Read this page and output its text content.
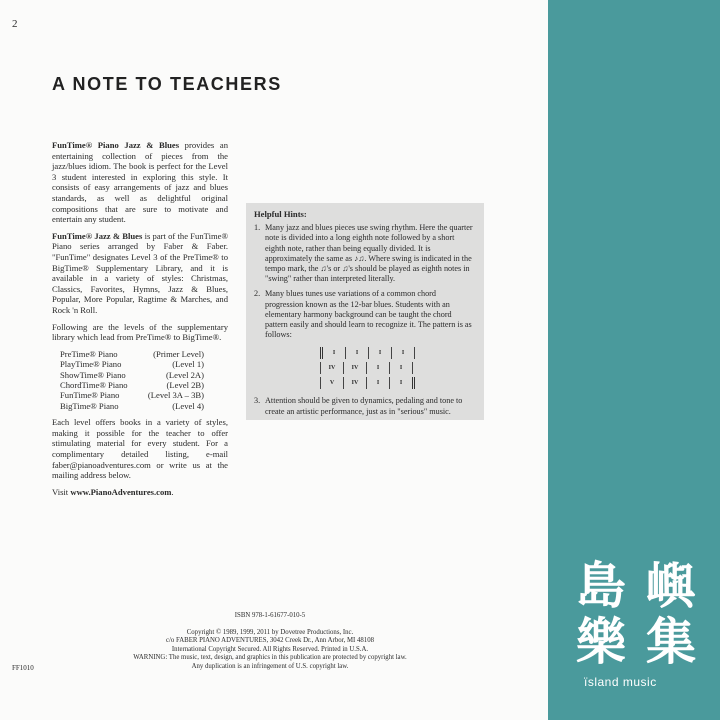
2
A NOTE TO TEACHERS

FunTime® Piano Jazz & Blues provides an entertaining collection of pieces from the jazz/blues idiom. The book is perfect for the Level 3 student interested in exploring this style. It consists of easy arrangements of jazz and blues standards, as well as delightful original compositions that are sure to motivate and entertain any student.

FunTime® Jazz & Blues is part of the FunTime® Piano series arranged by Faber & Faber. "FunTime" designates Level 3 of the PreTime® to BigTime® Supplementary Library, and it is available in a variety of styles: Christmas, Classics, Favorites, Hymns, Jazz & Blues, Popular, More Popular, Ragtime & Marches, and Rock 'n Roll.

Following are the levels of the supplementary library which lead from PreTime® to BigTime®.

PreTime® Piano	(Primer Level)
PlayTime® Piano	(Level 1)
ShowTime® Piano	(Level 2A)
ChordTime® Piano	(Level 2B)
FunTime® Piano	(Level 3A – 3B)
BigTime® Piano	(Level 4)

Each level offers books in a variety of styles, making it possible for the teacher to offer stimulating material for every student. For a complimentary detailed listing, e-mail faber@pianoadventures.com or write us at the mailing address below.

Visit www.PianoAdventures.com.

Helpful Hints:
1. Many jazz and blues pieces use swing rhythm. Here the quarter note is divided into a long eighth note followed by a short eighth note, rather than being equally divided. It is approximately the same as ♪♫. Where swing is indicated in the tempo mark, the ♫'s or ♫'s should be played as eighth notes in "swing" rather than interpreted literally.
2. Many blues tunes use variations of a common chord progression known as the 12-bar blues. Students with an elementary harmony background can be taught the chord pattern easily and should learn to recognize it. The pattern is as follows:
I	I	I	I
IV	IV	I	I
V	IV	I	I
3. Attention should be given to dynamics, pedaling and tone to create an artistic performance, just as in "serious" music.
ISBN 978-1-61677-010-5
Copyright © 1989, 1999, 2011 by Dovetree Productions, Inc.
c/o FABER PIANO ADVENTURES, 3042 Creek Dr., Ann Arbor, MI 48108
International Copyright Secured. All Rights Reserved. Printed in U.S.A.
WARNING: The music, text, design, and graphics in this publication are protected by copyright law.
Any duplication is an infringement of U.S. copyright law.
FF1010
島 嶼
樂 集
ïsland music
